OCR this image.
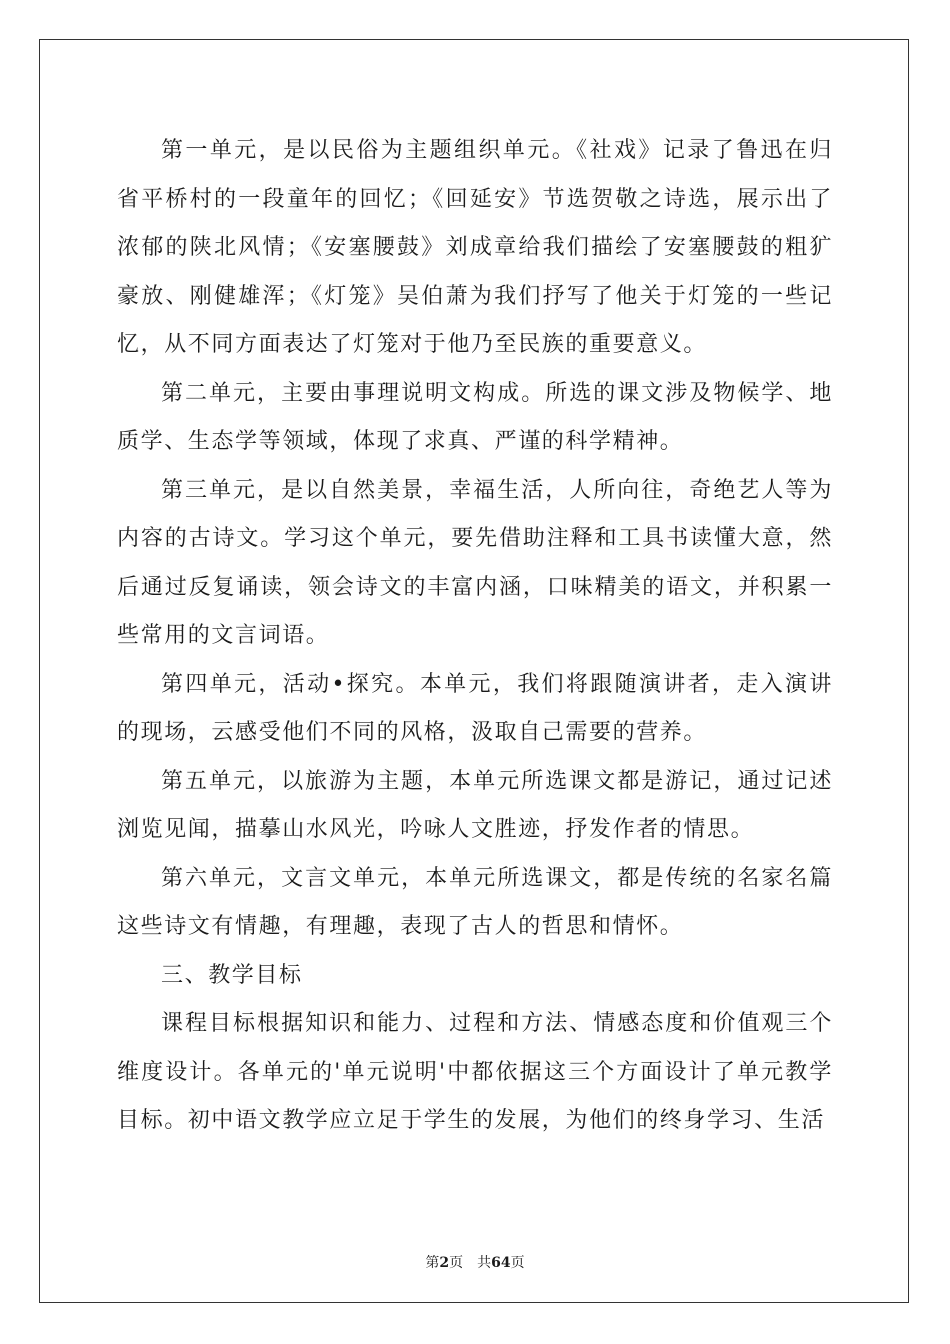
第一单元，是以民俗为主题组织单元。《社戏》记录了鲁迅在归省平桥村的一段童年的回忆；《回延安》节选贺敬之诗选，展示出了浓郁的陕北风情；《安塞腰鼓》刘成章给我们描绘了安塞腰鼓的粗犷豪放、刚健雄浑；《灯笼》吴伯萧为我们抒写了他关于灯笼的一些记忆，从不同方面表达了灯笼对于他乃至民族的重要意义。

第二单元，主要由事理说明文构成。所选的课文涉及物候学、地质学、生态学等领域，体现了求真、严谨的科学精神。

第三单元，是以自然美景，幸福生活，人所向往，奇绝艺人等为内容的古诗文。学习这个单元，要先借助注释和工具书读懂大意，然后通过反复诵读，领会诗文的丰富内涵，口味精美的语文，并积累一些常用的文言词语。

第四单元，活动•探究。本单元，我们将跟随演讲者，走入演讲的现场，云感受他们不同的风格，汲取自己需要的营养。

第五单元，以旅游为主题，本单元所选课文都是游记，通过记述浏览见闻，描摹山水风光，吟咏人文胜迹，抒发作者的情思。

第六单元，文言文单元，本单元所选课文，都是传统的名家名篇这些诗文有情趣，有理趣，表现了古人的哲思和情怀。

三、教学目标

课程目标根据知识和能力、过程和方法、情感态度和价值观三个维度设计。各单元的'单元说明'中都依据这三个方面设计了单元教学目标。初中语文教学应立足于学生的发展，为他们的终身学习、生活

第2页 共64页
